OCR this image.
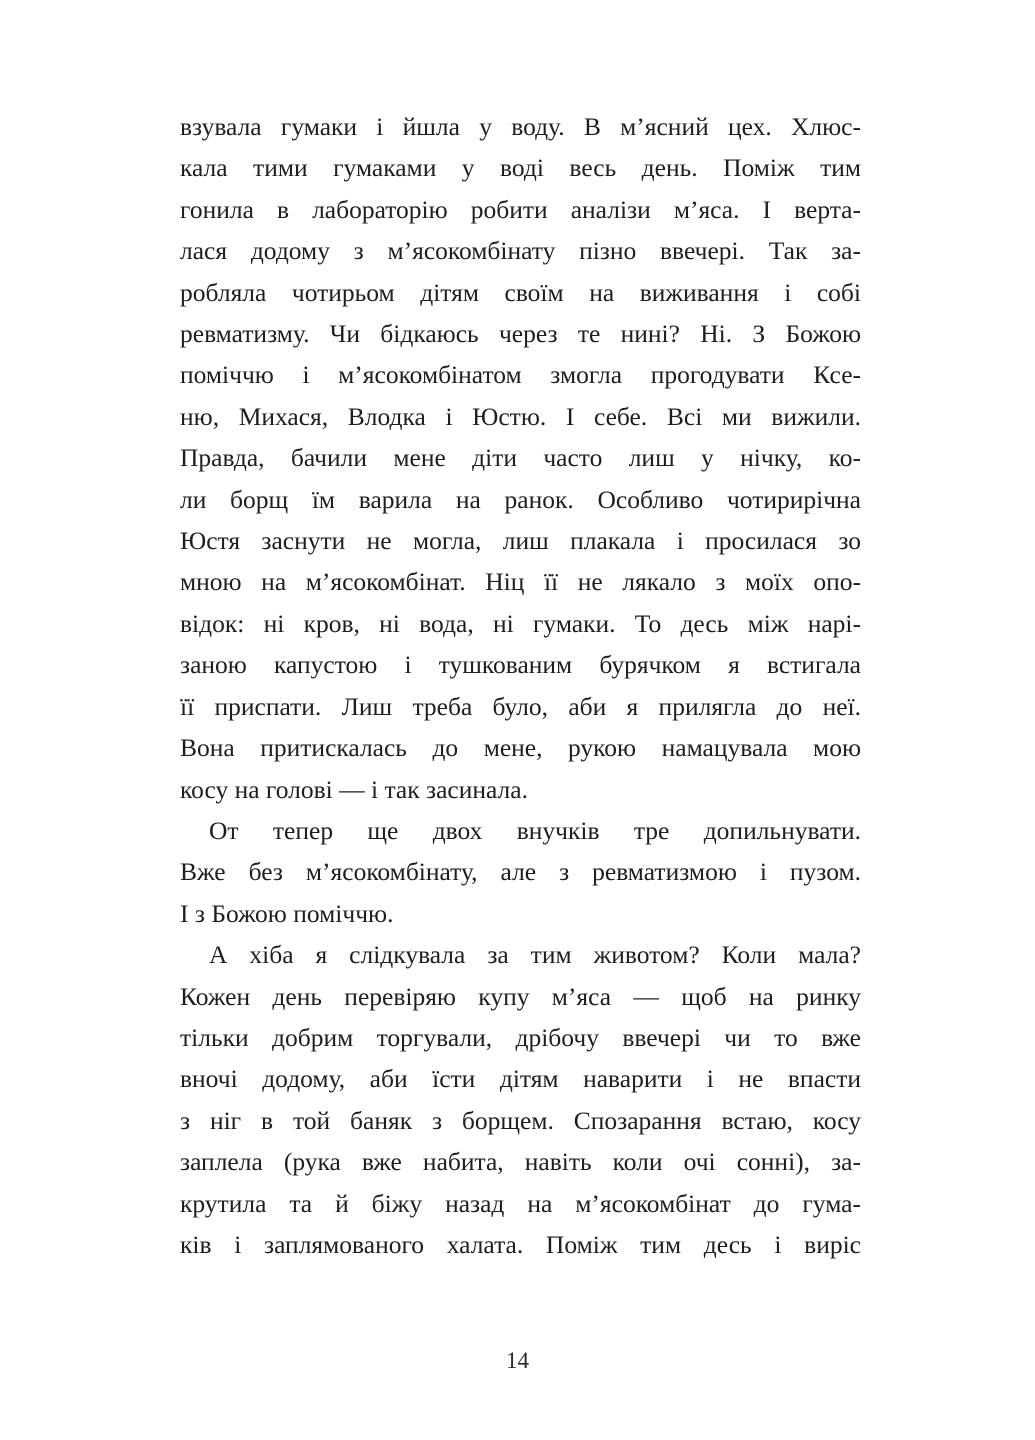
взувала гумаки і йшла у воду. В м’ясний цех. Хлюс-
кала тими гумаками у воді весь день. Поміж тим
гонила в лабораторію робити аналізи м’яса. І верта-
лася додому з м’ясокомбінату пізно ввечері. Так за-
робляла чотирьом дітям своїм на виживання і собі
ревматизму. Чи бідкаюсь через те нині? Ні. З Божою
поміччю і м’ясокомбінатом змогла прогодувати Ксе-
ню, Михася, Влодка і Юстю. І себе. Всі ми вижили.
Правда, бачили мене діти часто лиш у нічку, ко-
ли борщ їм варила на ранок. Особливо чотирирічна
Юстя заснути не могла, лиш плакала і просилася зо
мною на м’ясокомбінат. Ніц її не лякало з моїх опо-
відок: ні кров, ні вода, ні гумаки. То десь між нарі-
заною капустою і тушкованим бурячком я встигала
її приспати. Лиш треба було, аби я прилягла до неї.
Вона притискалась до мене, рукою намацувала мою
косу на голові — і так засинала.
От тепер ще двох внучків тре допильнувати.
Вже без м’ясокомбінату, але з ревматизмою і пузом.
І з Божою поміччю.
А хіба я слідкувала за тим животом? Коли мала?
Кожен день перевіряю купу м’яса — щоб на ринку
тільки добрим торгували, дрібочу ввечері чи то вже
вночі додому, аби їсти дітям наварити і не впасти
з ніг в той баняк з борщем. Спозарання встаю, косу
заплела (рука вже набита, навіть коли очі сонні), за-
крутила та й біжу назад на м’ясокомбінат до гума-
ків і заплямованого халата. Поміж тим десь і виріс
14
